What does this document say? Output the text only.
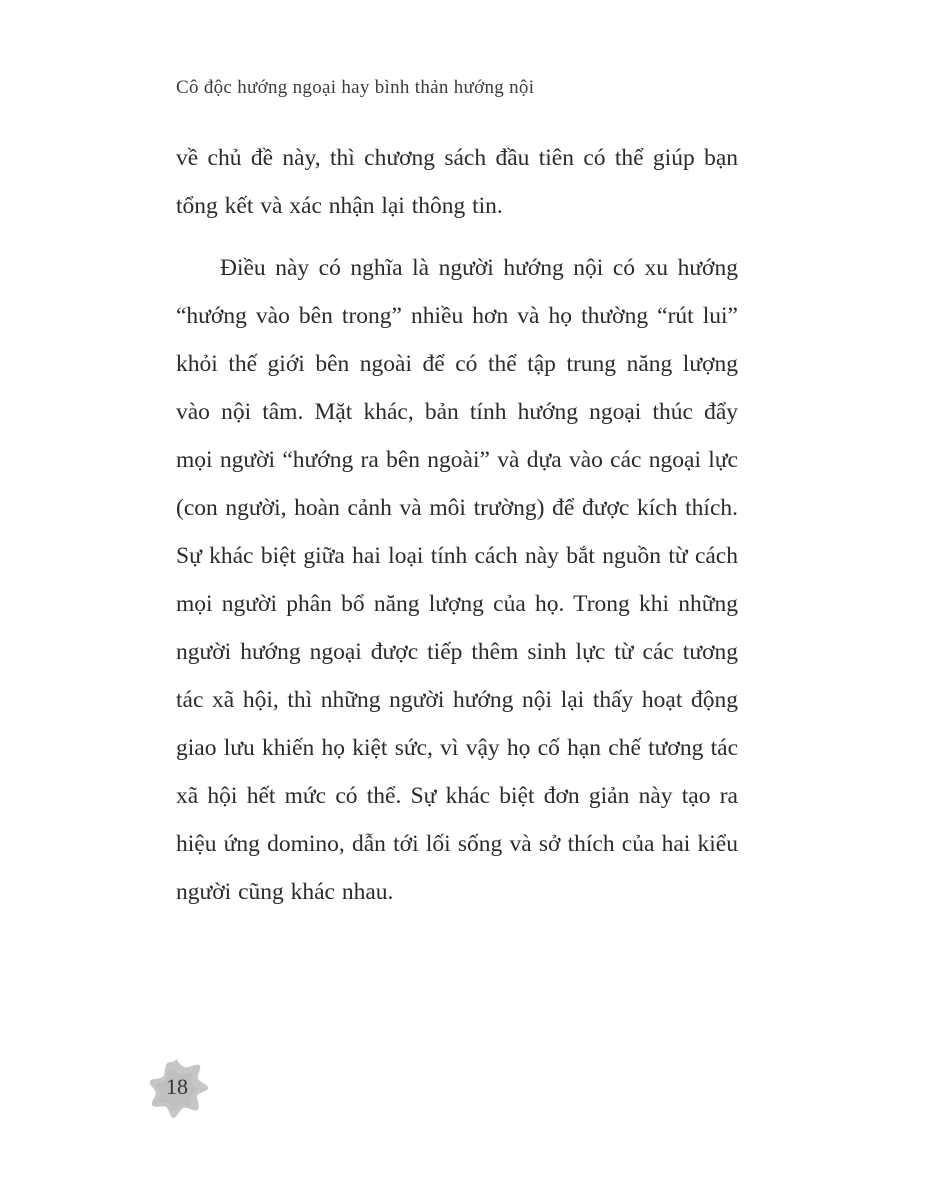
Cô độc hướng ngoại hay bình thản hướng nội

về chủ đề này, thì chương sách đầu tiên có thể giúp bạn tổng kết và xác nhận lại thông tin.

Điều này có nghĩa là người hướng nội có xu hướng “hướng vào bên trong” nhiều hơn và họ thường “rút lui” khỏi thế giới bên ngoài để có thể tập trung năng lượng vào nội tâm. Mặt khác, bản tính hướng ngoại thúc đẩy mọi người “hướng ra bên ngoài” và dựa vào các ngoại lực (con người, hoàn cảnh và môi trường) để được kích thích. Sự khác biệt giữa hai loại tính cách này bắt nguồn từ cách mọi người phân bổ năng lượng của họ. Trong khi những người hướng ngoại được tiếp thêm sinh lực từ các tương tác xã hội, thì những người hướng nội lại thấy hoạt động giao lưu khiến họ kiệt sức, vì vậy họ cố hạn chế tương tác xã hội hết mức có thể. Sự khác biệt đơn giản này tạo ra hiệu ứng domino, dẫn tới lối sống và sở thích của hai kiểu người cũng khác nhau.

18
